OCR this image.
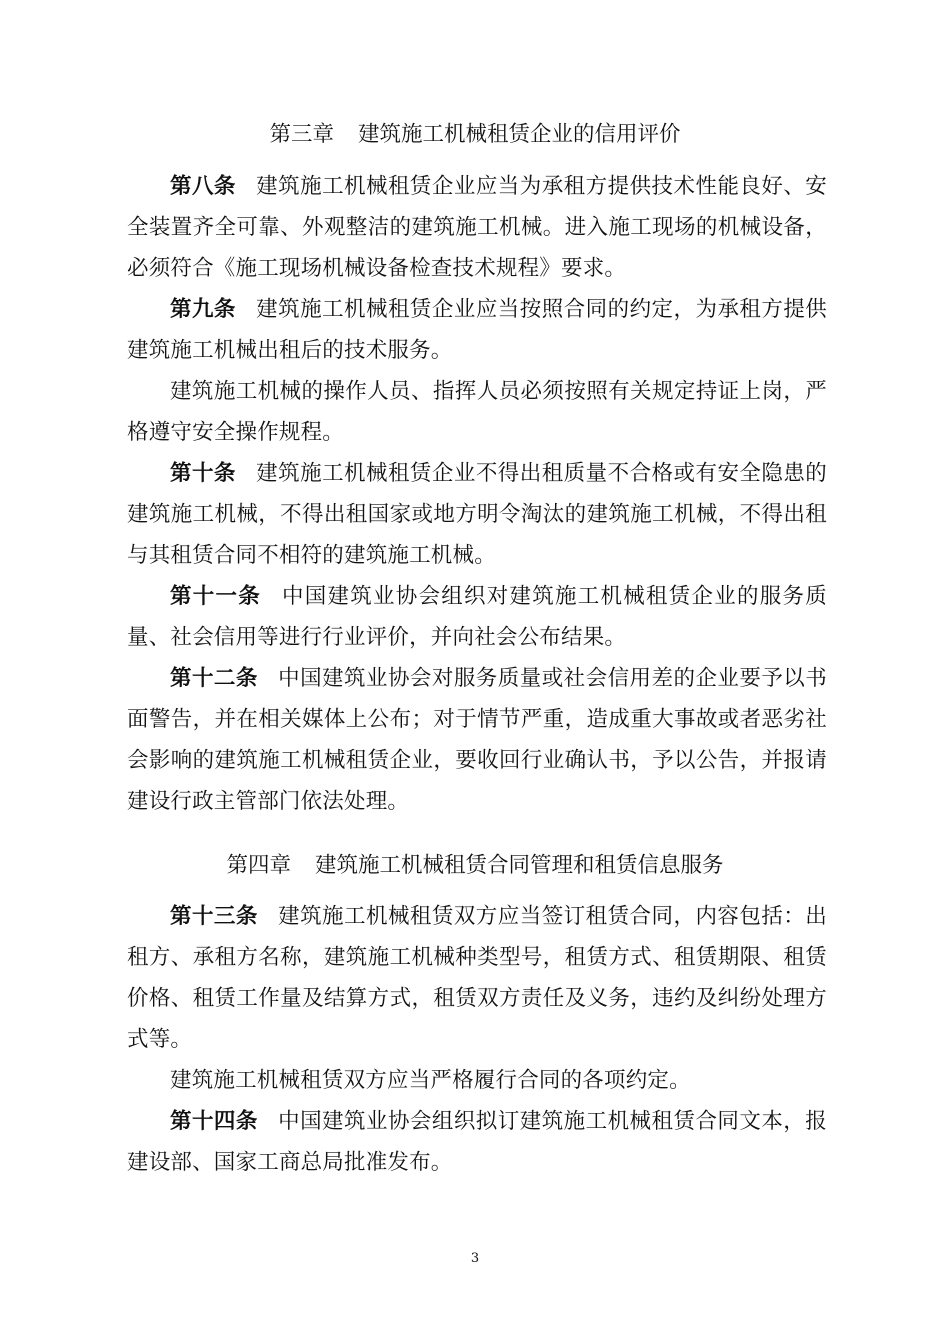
第三章 建筑施工机械租赁企业的信用评价

第八条 建筑施工机械租赁企业应当为承租方提供技术性能良好、安全装置齐全可靠、外观整洁的建筑施工机械。进入施工现场的机械设备，必须符合《施工现场机械设备检查技术规程》要求。

第九条 建筑施工机械租赁企业应当按照合同的约定，为承租方提供建筑施工机械出租后的技术服务。

建筑施工机械的操作人员、指挥人员必须按照有关规定持证上岗，严格遵守安全操作规程。

第十条 建筑施工机械租赁企业不得出租质量不合格或有安全隐患的建筑施工机械，不得出租国家或地方明令淘汰的建筑施工机械，不得出租与其租赁合同不相符的建筑施工机械。

第十一条 中国建筑业协会组织对建筑施工机械租赁企业的服务质量、社会信用等进行行业评价，并向社会公布结果。

第十二条 中国建筑业协会对服务质量或社会信用差的企业要予以书面警告，并在相关媒体上公布；对于情节严重，造成重大事故或者恶劣社会影响的建筑施工机械租赁企业，要收回行业确认书，予以公告，并报请建设行政主管部门依法处理。

第四章 建筑施工机械租赁合同管理和租赁信息服务

第十三条 建筑施工机械租赁双方应当签订租赁合同，内容包括：出租方、承租方名称，建筑施工机械种类型号，租赁方式、租赁期限、租赁价格、租赁工作量及结算方式，租赁双方责任及义务，违约及纠纷处理方式等。

建筑施工机械租赁双方应当严格履行合同的各项约定。

第十四条 中国建筑业协会组织拟订建筑施工机械租赁合同文本，报建设部、国家工商总局批准发布。

3
